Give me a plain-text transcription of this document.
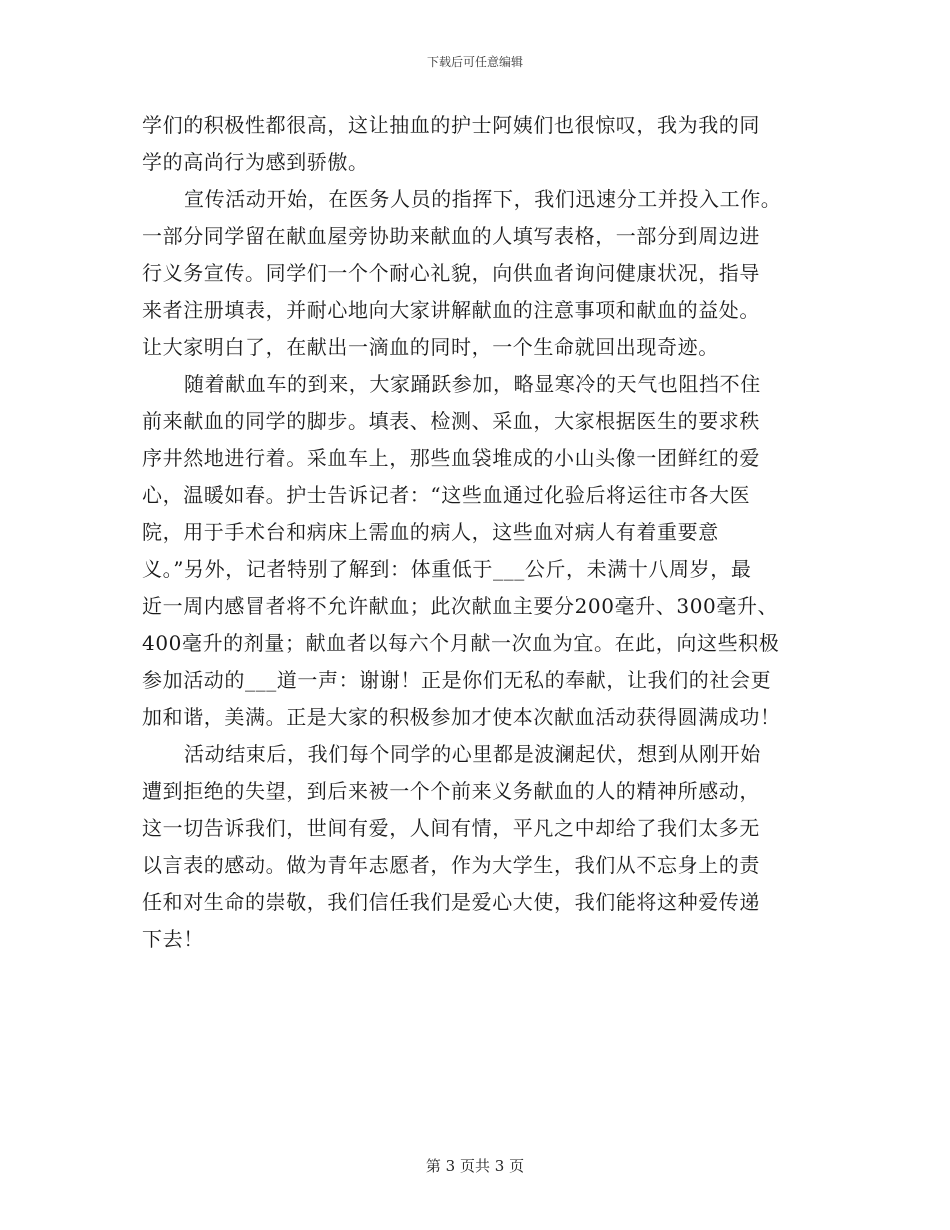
下载后可任意编辑
学们的积极性都很高，这让抽血的护士阿姨们也很惊叹，我为我的同
学的高尚行为感到骄傲。
宣传活动开始，在医务人员的指挥下，我们迅速分工并投入工作。
一部分同学留在献血屋旁协助来献血的人填写表格，一部分到周边进
行义务宣传。同学们一个个耐心礼貌，向供血者询问健康状况，指导
来者注册填表，并耐心地向大家讲解献血的注意事项和献血的益处。
让大家明白了，在献出一滴血的同时，一个生命就回出现奇迹。
随着献血车的到来，大家踊跃参加，略显寒冷的天气也阻挡不住
前来献血的同学的脚步。填表、检测、采血，大家根据医生的要求秩
序井然地进行着。采血车上，那些血袋堆成的小山头像一团鲜红的爱
心，温暖如春。护士告诉记者：“这些血通过化验后将运往市各大医
院，用于手术台和病床上需血的病人，这些血对病人有着重要意
义。”另外，记者特别了解到：体重低于___公斤，未满十八周岁，最
近一周内感冒者将不允许献血；此次献血主要分200毫升、300毫升、
400毫升的剂量；献血者以每六个月献一次血为宜。在此，向这些积极
参加活动的___道一声：谢谢！正是你们无私的奉献，让我们的社会更
加和谐，美满。正是大家的积极参加才使本次献血活动获得圆满成功！
活动结束后，我们每个同学的心里都是波澜起伏，想到从刚开始
遭到拒绝的失望，到后来被一个个前来义务献血的人的精神所感动，
这一切告诉我们，世间有爱，人间有情，平凡之中却给了我们太多无
以言表的感动。做为青年志愿者，作为大学生，我们从不忘身上的责
任和对生命的崇敬，我们信任我们是爱心大使，我们能将这种爱传递
下去！
第 3 页共 3 页
